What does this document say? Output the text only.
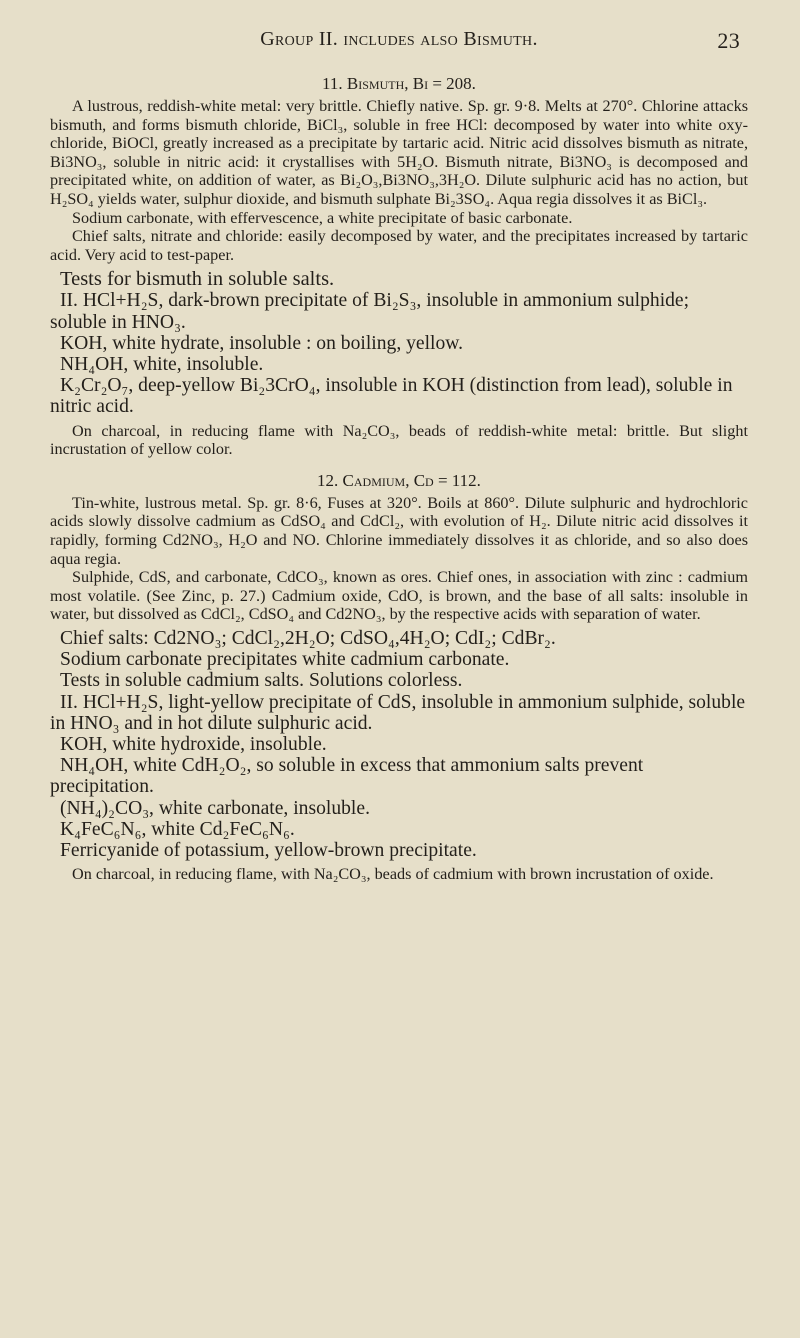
Group II. includes also Bismuth.	23
11. Bismuth, Bi = 208.

A lustrous, reddish-white metal: very brittle. Chiefly native. Sp. gr. 9·8. Melts at 270°. Chlorine attacks bismuth, and forms bismuth chloride, BiCl₃, soluble in free HCl: decomposed by water into white oxy-chloride, BiOCl, greatly increased as a precipitate by tartaric acid. Nitric acid dissolves bismuth as nitrate, Bi3NO₃, soluble in nitric acid: it crystallises with 5H₂O. Bismuth nitrate, Bi3NO₃ is decomposed and precipitated white, on addition of water, as Bi₂O₃,Bi3NO₃,3H₂O. Dilute sulphuric acid has no action, but H₂SO₄ yields water, sulphur dioxide, and bismuth sulphate Bi₂3SO₄. Aqua regia dissolves it as BiCl₃.

Sodium carbonate, with effervescence, a white precipitate of basic carbonate.

Chief salts, nitrate and chloride: easily decomposed by water, and the precipitates increased by tartaric acid. Very acid to test-paper.

Tests for bismuth in soluble salts.

II. HCl+H₂S, dark-brown precipitate of Bi₂S₃, insoluble in ammonium sulphide; soluble in HNO₃.

KOH, white hydrate, insoluble : on boiling, yellow.

NH₄OH, white, insoluble.

K₂Cr₂O₇, deep-yellow Bi₂3CrO₄, insoluble in KOH (distinction from lead), soluble in nitric acid.

On charcoal, in reducing flame with Na₂CO₃, beads of reddish-white metal: brittle. But slight incrustation of yellow color.

12. Cadmium, Cd = 112.

Tin-white, lustrous metal. Sp. gr. 8·6, Fuses at 320°. Boils at 860°. Dilute sulphuric and hydrochloric acids slowly dissolve cadmium as CdSO₄ and CdCl₂, with evolution of H₂. Dilute nitric acid dissolves it rapidly, forming Cd2NO₃, H₂O and NO. Chlorine immediately dissolves it as chloride, and so also does aqua regia.

Sulphide, CdS, and carbonate, CdCO₃, known as ores. Chief ones, in association with zinc : cadmium most volatile. (See Zinc, p. 27.) Cadmium oxide, CdO, is brown, and the base of all salts: insoluble in water, but dissolved as CdCl₂, CdSO₄ and Cd2NO₃, by the respective acids with separation of water.

Chief salts: Cd2NO₃; CdCl₂,2H₂O; CdSO₄,4H₂O; CdI₂; CdBr₂.

Sodium carbonate precipitates white cadmium carbonate.

Tests in soluble cadmium salts. Solutions colorless.

II. HCl+H₂S, light-yellow precipitate of CdS, insoluble in ammonium sulphide, soluble in HNO₃ and in hot dilute sulphuric acid.

KOH, white hydroxide, insoluble.

NH₄OH, white CdH₂O₂, so soluble in excess that ammonium salts prevent precipitation.

(NH₄)₂CO₃, white carbonate, insoluble.

K₄FeC₆N₆, white Cd₂FeC₆N₆.

Ferricyanide of potassium, yellow-brown precipitate.

On charcoal, in reducing flame, with Na₂CO₃, beads of cadmium with brown incrustation of oxide.
